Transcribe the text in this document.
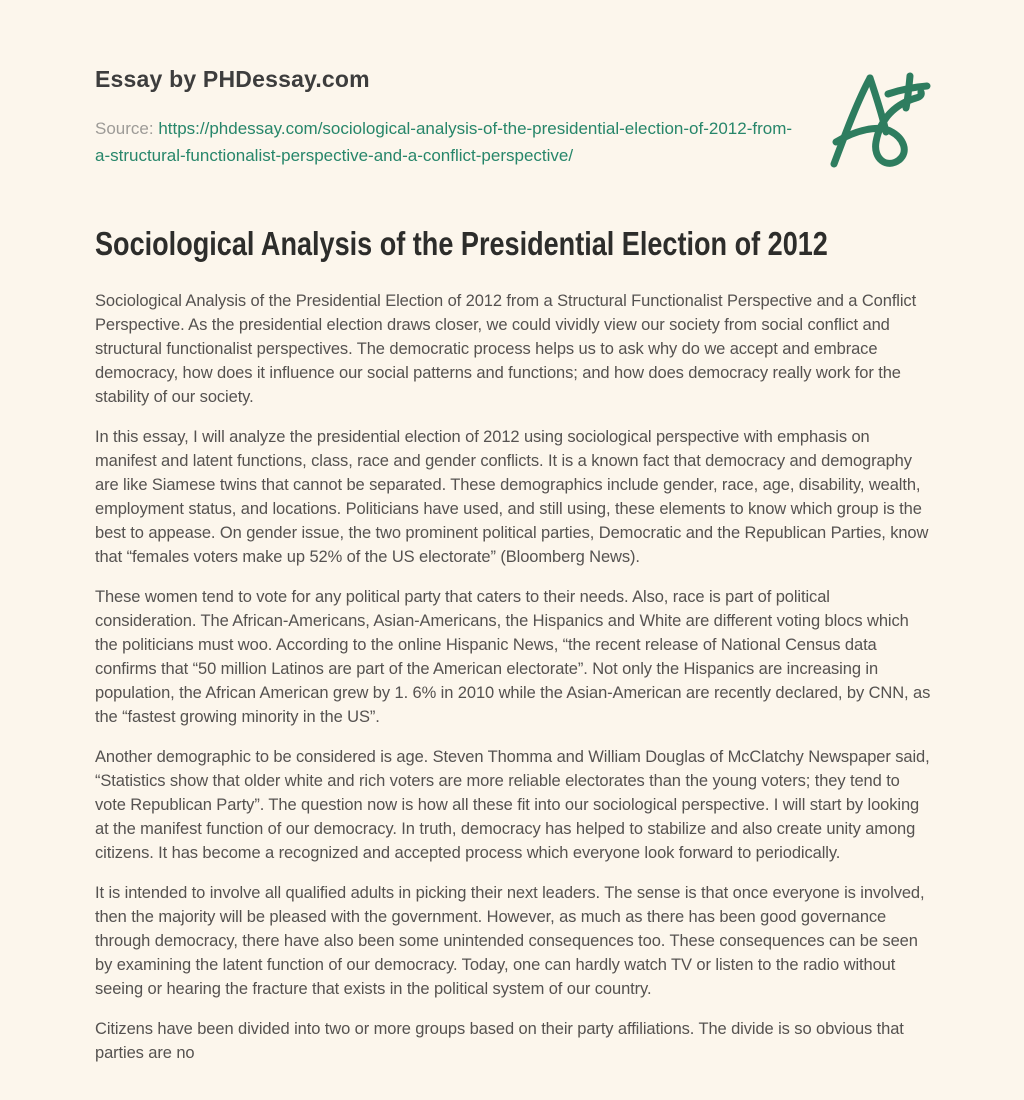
Essay by PHDessay.com
Source: https://phdessay.com/sociological-analysis-of-the-presidential-election-of-2012-from-a-structural-functionalist-perspective-and-a-conflict-perspective/
Sociological Analysis of the Presidential Election of 2012

Sociological Analysis of the Presidential Election of 2012 from a Structural Functionalist Perspective and a Conflict Perspective. As the presidential election draws closer, we could vividly view our society from social conflict and structural functionalist perspectives. The democratic process helps us to ask why do we accept and embrace democracy, how does it influence our social patterns and functions; and how does democracy really work for the stability of our society.

In this essay, I will analyze the presidential election of 2012 using sociological perspective with emphasis on manifest and latent functions, class, race and gender conflicts. It is a known fact that democracy and demography are like Siamese twins that cannot be separated. These demographics include gender, race, age, disability, wealth, employment status, and locations. Politicians have used, and still using, these elements to know which group is the best to appease. On gender issue, the two prominent political parties, Democratic and the Republican Parties, know that “females voters make up 52% of the US electorate” (Bloomberg News).

These women tend to vote for any political party that caters to their needs. Also, race is part of political consideration. The African-Americans, Asian-Americans, the Hispanics and White are different voting blocs which the politicians must woo. According to the online Hispanic News, “the recent release of National Census data confirms that “50 million Latinos are part of the American electorate”. Not only the Hispanics are increasing in population, the African American grew by 1. 6% in 2010 while the Asian-American are recently declared, by CNN, as the “fastest growing minority in the US”.

Another demographic to be considered is age. Steven Thomma and William Douglas of McClatchy Newspaper said, “Statistics show that older white and rich voters are more reliable electorates than the young voters; they tend to vote Republican Party”. The question now is how all these fit into our sociological perspective. I will start by looking at the manifest function of our democracy. In truth, democracy has helped to stabilize and also create unity among citizens. It has become a recognized and accepted process which everyone look forward to periodically.

It is intended to involve all qualified adults in picking their next leaders. The sense is that once everyone is involved, then the majority will be pleased with the government. However, as much as there has been good governance through democracy, there have also been some unintended consequences too. These consequences can be seen by examining the latent function of our democracy. Today, one can hardly watch TV or listen to the radio without seeing or hearing the fracture that exists in the political system of our country.

Citizens have been divided into two or more groups based on their party affiliations. The divide is so obvious that parties are no
